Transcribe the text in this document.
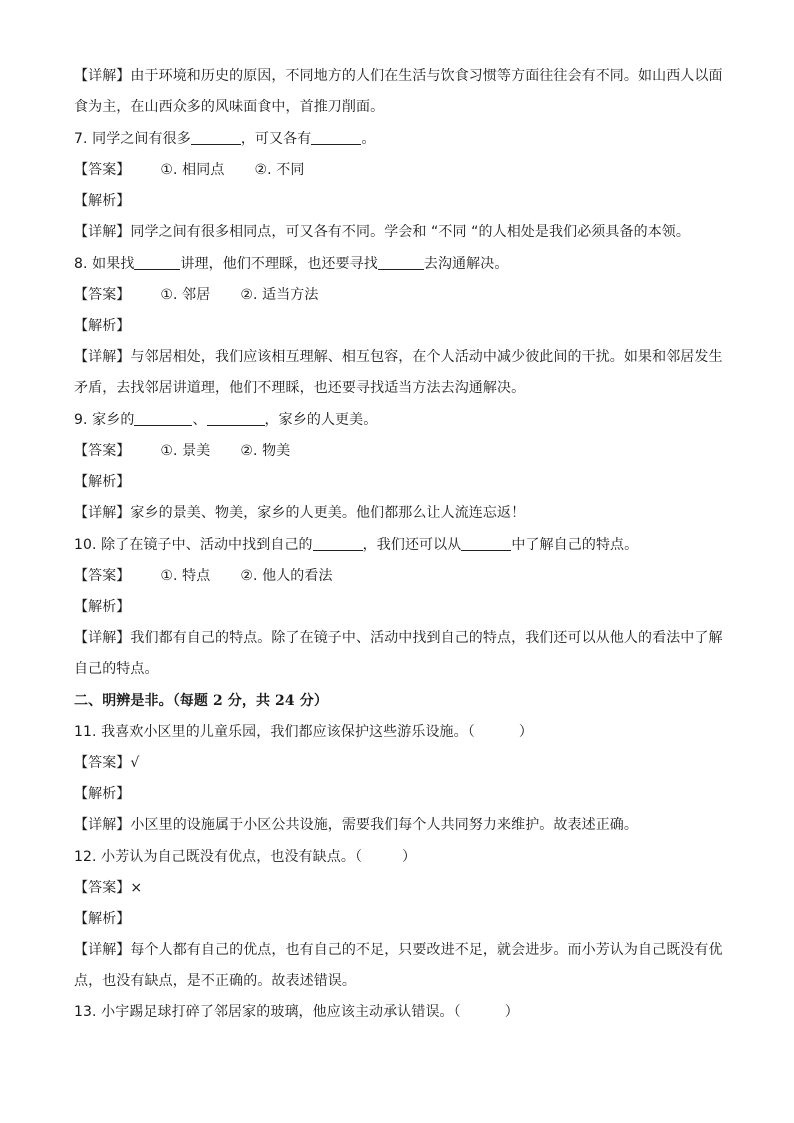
【详解】由于环境和历史的原因，不同地方的人们在生活与饮食习惯等方面往往会有不同。如山西人以面
食为主，在山西众多的风味面食中，首推刀削面。
7. 同学之间有很多	，可又各有	。
【答案】 ①. 相同点 ②. 不同
【解析】
【详解】同学之间有很多相同点，可又各有不同。学会和 “不同 “的人相处是我们必须具备的本领。
8. 如果找	讲理，他们不理睬，也还要寻找	去沟通解决。
【答案】 ①. 邻居 ②. 适当方法
【解析】
【详解】与邻居相处，我们应该相互理解、相互包容，在个人活动中减少彼此间的干扰。如果和邻居发生
矛盾，去找邻居讲道理，他们不理睬，也还要寻找适当方法去沟通解决。
9. 家乡的	、	，家乡的人更美。
【答案】 ①. 景美 ②. 物美
【解析】
【详解】家乡的景美、物美，家乡的人更美。他们都那么让人流连忘返！
10. 除了在镜子中、活动中找到自己的	，我们还可以从	中了解自己的特点。
【答案】 ①. 特点 ②. 他人的看法
【解析】
【详解】我们都有自己的特点。除了在镜子中、活动中找到自己的特点，我们还可以从他人的看法中了解
自己的特点。
二、明辨是非。（每题 2 分，共 24 分）
11. 我喜欢小区里的儿童乐园，我们都应该保护这些游乐设施。（	）
【答案】√
【解析】
【详解】小区里的设施属于小区公共设施，需要我们每个人共同努力来维护。故表述正确。
12. 小芳认为自己既没有优点，也没有缺点。（	）
【答案】×
【解析】
【详解】每个人都有自己的优点，也有自己的不足，只要改进不足，就会进步。而小芳认为自己既没有优
点，也没有缺点，是不正确的。故表述错误。
13. 小宇踢足球打碎了邻居家的玻璃，他应该主动承认错误。（	）
